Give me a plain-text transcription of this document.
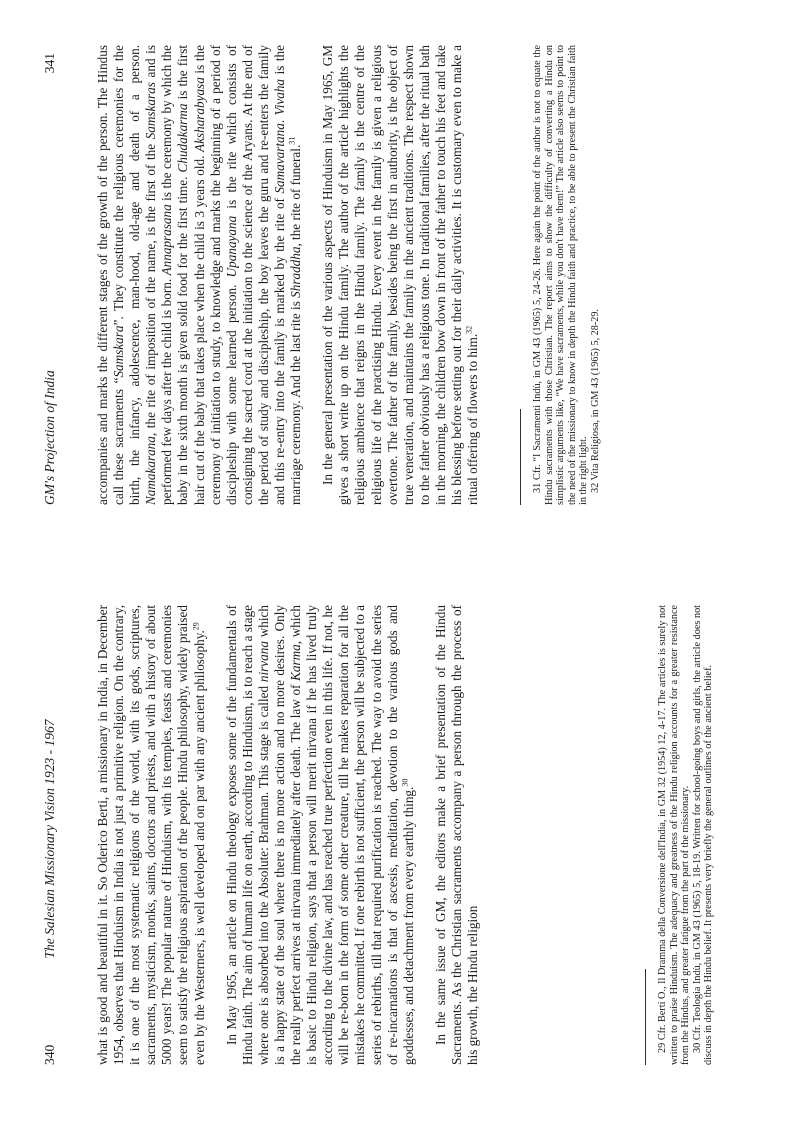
340
The Salesian Missionary Vision 1923 - 1967	what is good and beautiful in it. So Oderico Berti, a missionary in India, in December 1954, observes that Hinduism in India is not just a primitive religion. On the contrary, it is one of the most systematic religions of the world, with its gods, scriptures, sacraments, mysticism, monks, saints, doctors and priests, and with a history of about 5000 years! The popular nature of Hinduism, with its temples, feasts and ceremonies seem to satisfy the religious aspiration of the people. Hindu philosophy, widely praised even by the Westerners, is well developed and on par with any ancient philosophy.$^{29}$	In May 1965, an article on Hindu theology exposes some of the fundamentals of Hindu faith. The aim of human life on earth, according to Hinduism, is to reach a stage where one is absorbed into the Absolute: Brahman. This stage is called nirvana which is a happy state of the soul where there is no more action and no more desires. Only the really perfect arrives at nirvana immediately after death. The law of Karma, which is basic to Hindu religion, says that a person will merit nirvana if he has lived truly according to the divine law, and has reached true perfection even in this life. If not, he will be re-born in the form of some other creature, till he makes reparation for all the mistakes he committed. If one rebirth is not sufficient, the person will be subjected to a series of rebirths, till that required purification is reached. The way to avoid the series of re-incarnations is that of ascesis, meditation, devotion to the various gods and goddesses, and detachment from every earthly thing.$^{30}$	In the same issue of GM, the editors make a brief presentation of the Hindu Sacraments. As the Christian sacraments accompany a person through the process of his growth, the Hindu religion	29 Cfr. Berti O., Il Dramma della Conversione dell'India, in GM 32 (1954) 12, 4-17. The articles is surely not written to praise Hinduism. The adequacy and greatness of the Hindu religion accounts for a greater resistance from the Hindus, and greater fatigue from the part of the missionary. 30 Cfr. Teologia Indù, in GM 43 (1965) 5, 18-19. Written for school-going boys and girls, the article does not discuss in depth the Hindu belief. It presents very briefly the general outlines of the ancient belief.

GM's Projection of India
341	accompanies and marks the different stages of the growth of the person. The Hindus call these sacraments “Samskara”. They constitute the religious ceremonies for the birth, the infancy, adolescence, man-hood, old-age and death of a person. Namakarana, the rite of imposition of the name, is the first of the Samskaras and is performed few days after the child is born. Annaprasana is the ceremony by which the baby in the sixth month is given solid food for the first time. Chudakarma is the first hair cut of the baby that takes place when the child is 3 years old. Aksharabyasa is the ceremony of initiation to study, to knowledge and marks the beginning of a period of discipleship with some learned person. Upanayana is the rite which consists of consigning the sacred cord at the initiation to the science of the Aryans. At the end of the period of study and discipleship, the boy leaves the guru and re-enters the family and this re-entry into the family is marked by the rite of Samavartana. Vivaha is the marriage ceremony. And the last rite is Shraddha, the rite of funeral.$^{31}$	In the general presentation of the various aspects of Hinduism in May 1965, GM gives a short write up on the Hindu family. The author of the article highlights the religious ambience that reigns in the Hindu family. The family is the centre of the religious life of the practising Hindu. Every event in the family is given a religious overtone. The father of the family, besides being the first in authority, is the object of true veneration, and maintains the family in the ancient traditions. The respect shown to the father obviously has a religious tone. In traditional families, after the ritual bath in the morning, the children bow down in front of the father to touch his feet and take his blessing before setting out for their daily activities. It is customary even to make a ritual offering of flowers to him.$^{32}$	31 Cfr. “I Sacramenti Indù, in GM 43 (1965) 5, 24-26. Here again the point of the author is not to equate the Hindu sacraments with those Christian. The report aims to show the difficulty of converting a Hindu on simplistic arguments like, “We have sacraments, while you don't have them!” The article also seems to point to the need of the missionary to know in depth the Hindu faith and practice, to be able to present the Christian faith in the right light. 32 Vita Religiosa, in GM 43 (1965) 5, 28-29.
